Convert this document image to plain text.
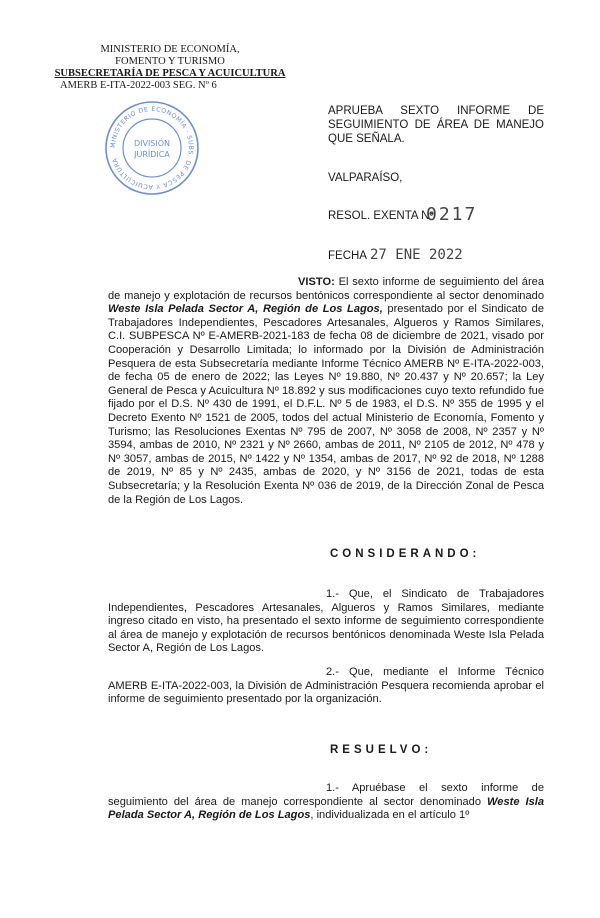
MINISTERIO DE ECONOMÍA,
FOMENTO Y TURISMO
SUBSECRETARÍA DE PESCA Y ACUICULTURA
AMERB E-ITA-2022-003 SEG. Nº 6
MINISTERIO DE ECONOMÍA · SUBS. DE PESCA Y ACUICULTURA
DIVISIÓN
JURÍDICA
APRUEBA SEXTO INFORME DE SEGUIMIENTO DE ÁREA DE MANEJO QUE SEÑALA.
VALPARAÍSO,
RESOL. EXENTA Nº
0217
FECHA 27 ENE 2022
VISTO: El sexto informe de seguimiento del área de manejo y explotación de recursos bentónicos correspondiente al sector denominado Weste Isla Pelada Sector A, Región de Los Lagos, presentado por el Sindicato de Trabajadores Independientes, Pescadores Artesanales, Algueros y Ramos Similares, C.I. SUBPESCA Nº E-AMERB-2021-183 de fecha 08 de diciembre de 2021, visado por Cooperación y Desarrollo Limitada; lo informado por la División de Administración Pesquera de esta Subsecretaría mediante Informe Técnico AMERB Nº E-ITA-2022-003, de fecha 05 de enero de 2022; las Leyes Nº 19.880, Nº 20.437 y Nº 20.657; la Ley General de Pesca y Acuicultura Nº 18.892 y sus modificaciones cuyo texto refundido fue fijado por el D.S. Nº 430 de 1991, el D.F.L. Nº 5 de 1983, el D.S. Nº 355 de 1995 y el Decreto Exento Nº 1521 de 2005, todos del actual Ministerio de Economía, Fomento y Turismo; las Resoluciones Exentas Nº 795 de 2007, Nº 3058 de 2008, Nº 2357 y Nº 3594, ambas de 2010, Nº 2321 y Nº 2660, ambas de 2011, Nº 2105 de 2012, Nº 478 y Nº 3057, ambas de 2015, Nº 1422 y Nº 1354, ambas de 2017, Nº 92 de 2018, Nº 1288 de 2019, Nº 85 y Nº 2435, ambas de 2020, y Nº 3156 de 2021, todas de esta Subsecretaría; y la Resolución Exenta Nº 036 de 2019, de la Dirección Zonal de Pesca de la Región de Los Lagos.
CONSIDERANDO:
1.- Que, el Sindicato de Trabajadores Independientes, Pescadores Artesanales, Algueros y Ramos Similares, mediante ingreso citado en visto, ha presentado el sexto informe de seguimiento correspondiente al área de manejo y explotación de recursos bentónicos denominada Weste Isla Pelada Sector A, Región de Los Lagos.
2.- Que, mediante el Informe Técnico AMERB E-ITA-2022-003, la División de Administración Pesquera recomienda aprobar el informe de seguimiento presentado por la organización.
RESUELVO:
1.- Apruébase el sexto informe de seguimiento del área de manejo correspondiente al sector denominado Weste Isla Pelada Sector A, Región de Los Lagos, individualizada en el artículo 1º
